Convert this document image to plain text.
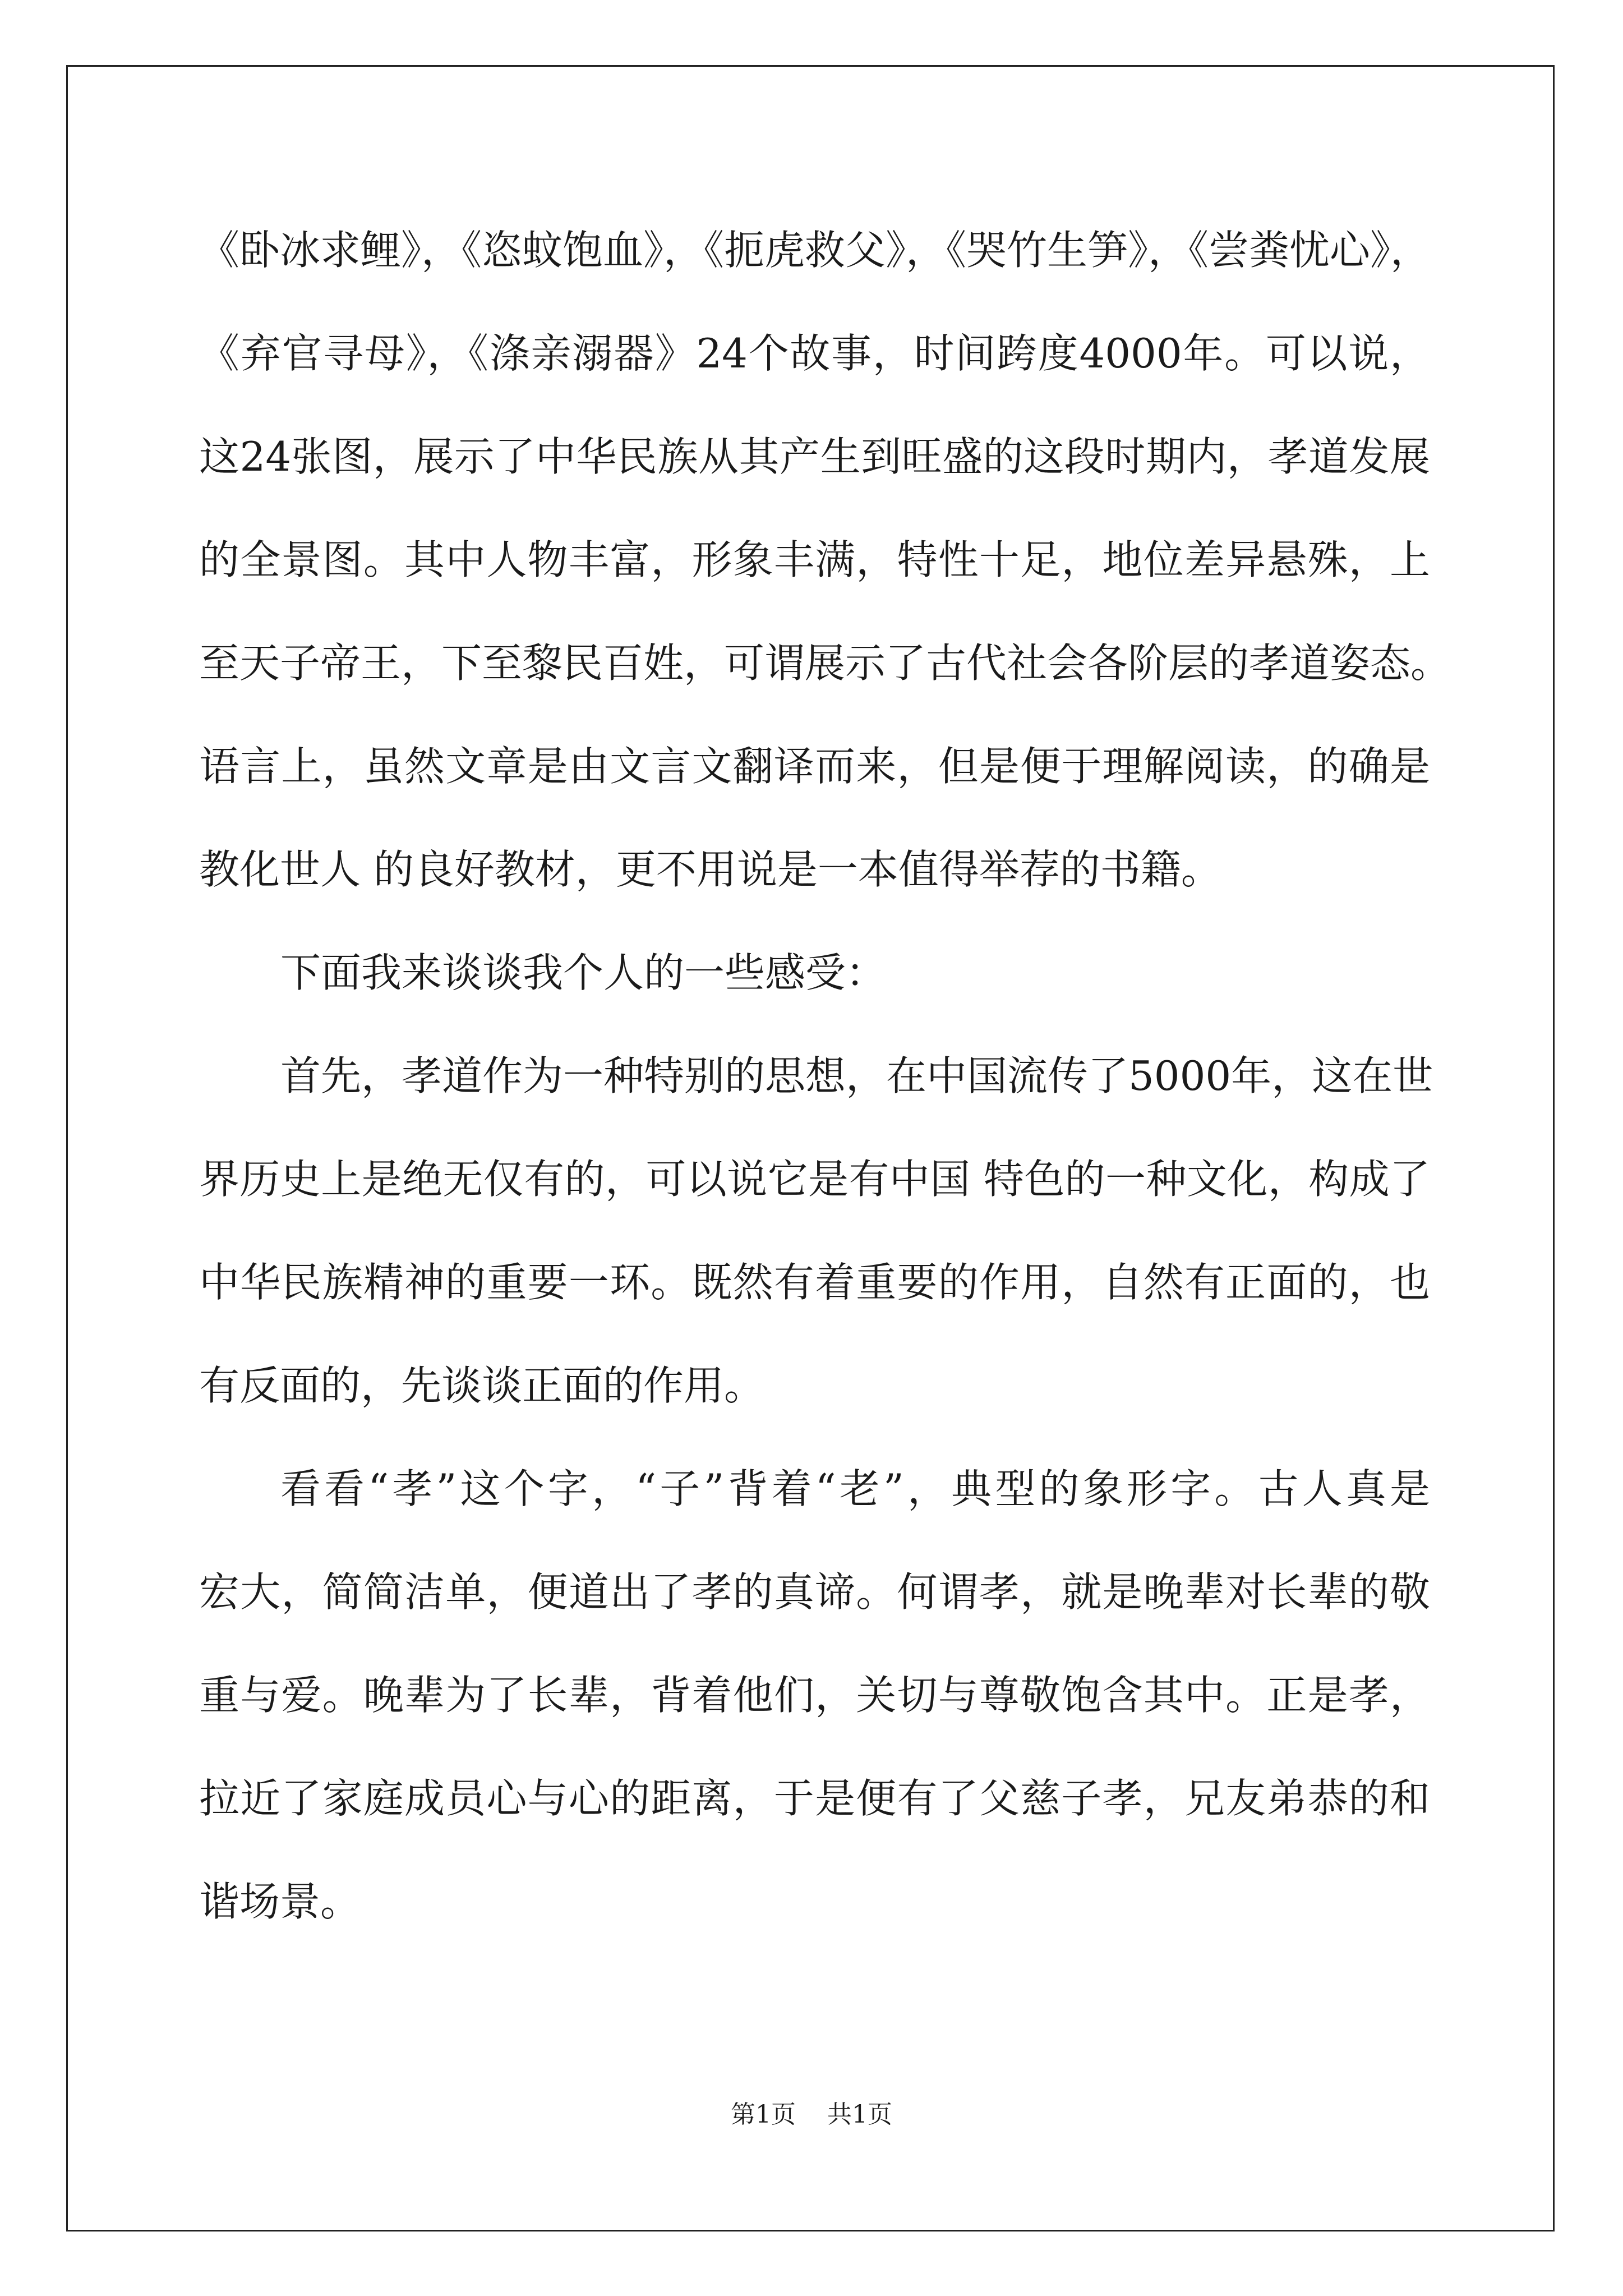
《卧冰求鲤》，《恣蚊饱血》，《扼虎救父》，《哭竹生笋》，《尝粪忧心》，
《弃官寻母》，《涤亲溺器》24个故事，时间跨度4000年。可以说，
这24张图，展示了中华民族从其产生到旺盛的这段时期内，孝道发展
的全景图。其中人物丰富，形象丰满，特性十足，地位差异悬殊，上
至天子帝王，下至黎民百姓，可谓展示了古代社会各阶层的孝道姿态。
语言上，虽然文章是由文言文翻译而来，但是便于理解阅读，的确是
教化世人 的良好教材，更不用说是一本值得举荐的书籍。
下面我来谈谈我个人的一些感受：
首先，孝道作为一种特别的思想，在中国流传了5000年，这在世
界历史上是绝无仅有的，可以说它是有中国 特色的一种文化，构成了
中华民族精神的重要一环。既然有着重要的作用，自然有正面的，也
有反面的，先谈谈正面的作用。
看看“孝”这个字，“子”背着“老”，典型的象形字。古人真是
宏大，简简洁单，便道出了孝的真谛。何谓孝，就是晚辈对长辈的敬
重与爱。晚辈为了长辈，背着他们，关切与尊敬饱含其中。正是孝，
拉近了家庭成员心与心的距离，于是便有了父慈子孝，兄友弟恭的和
谐场景。
第1页 共1页
